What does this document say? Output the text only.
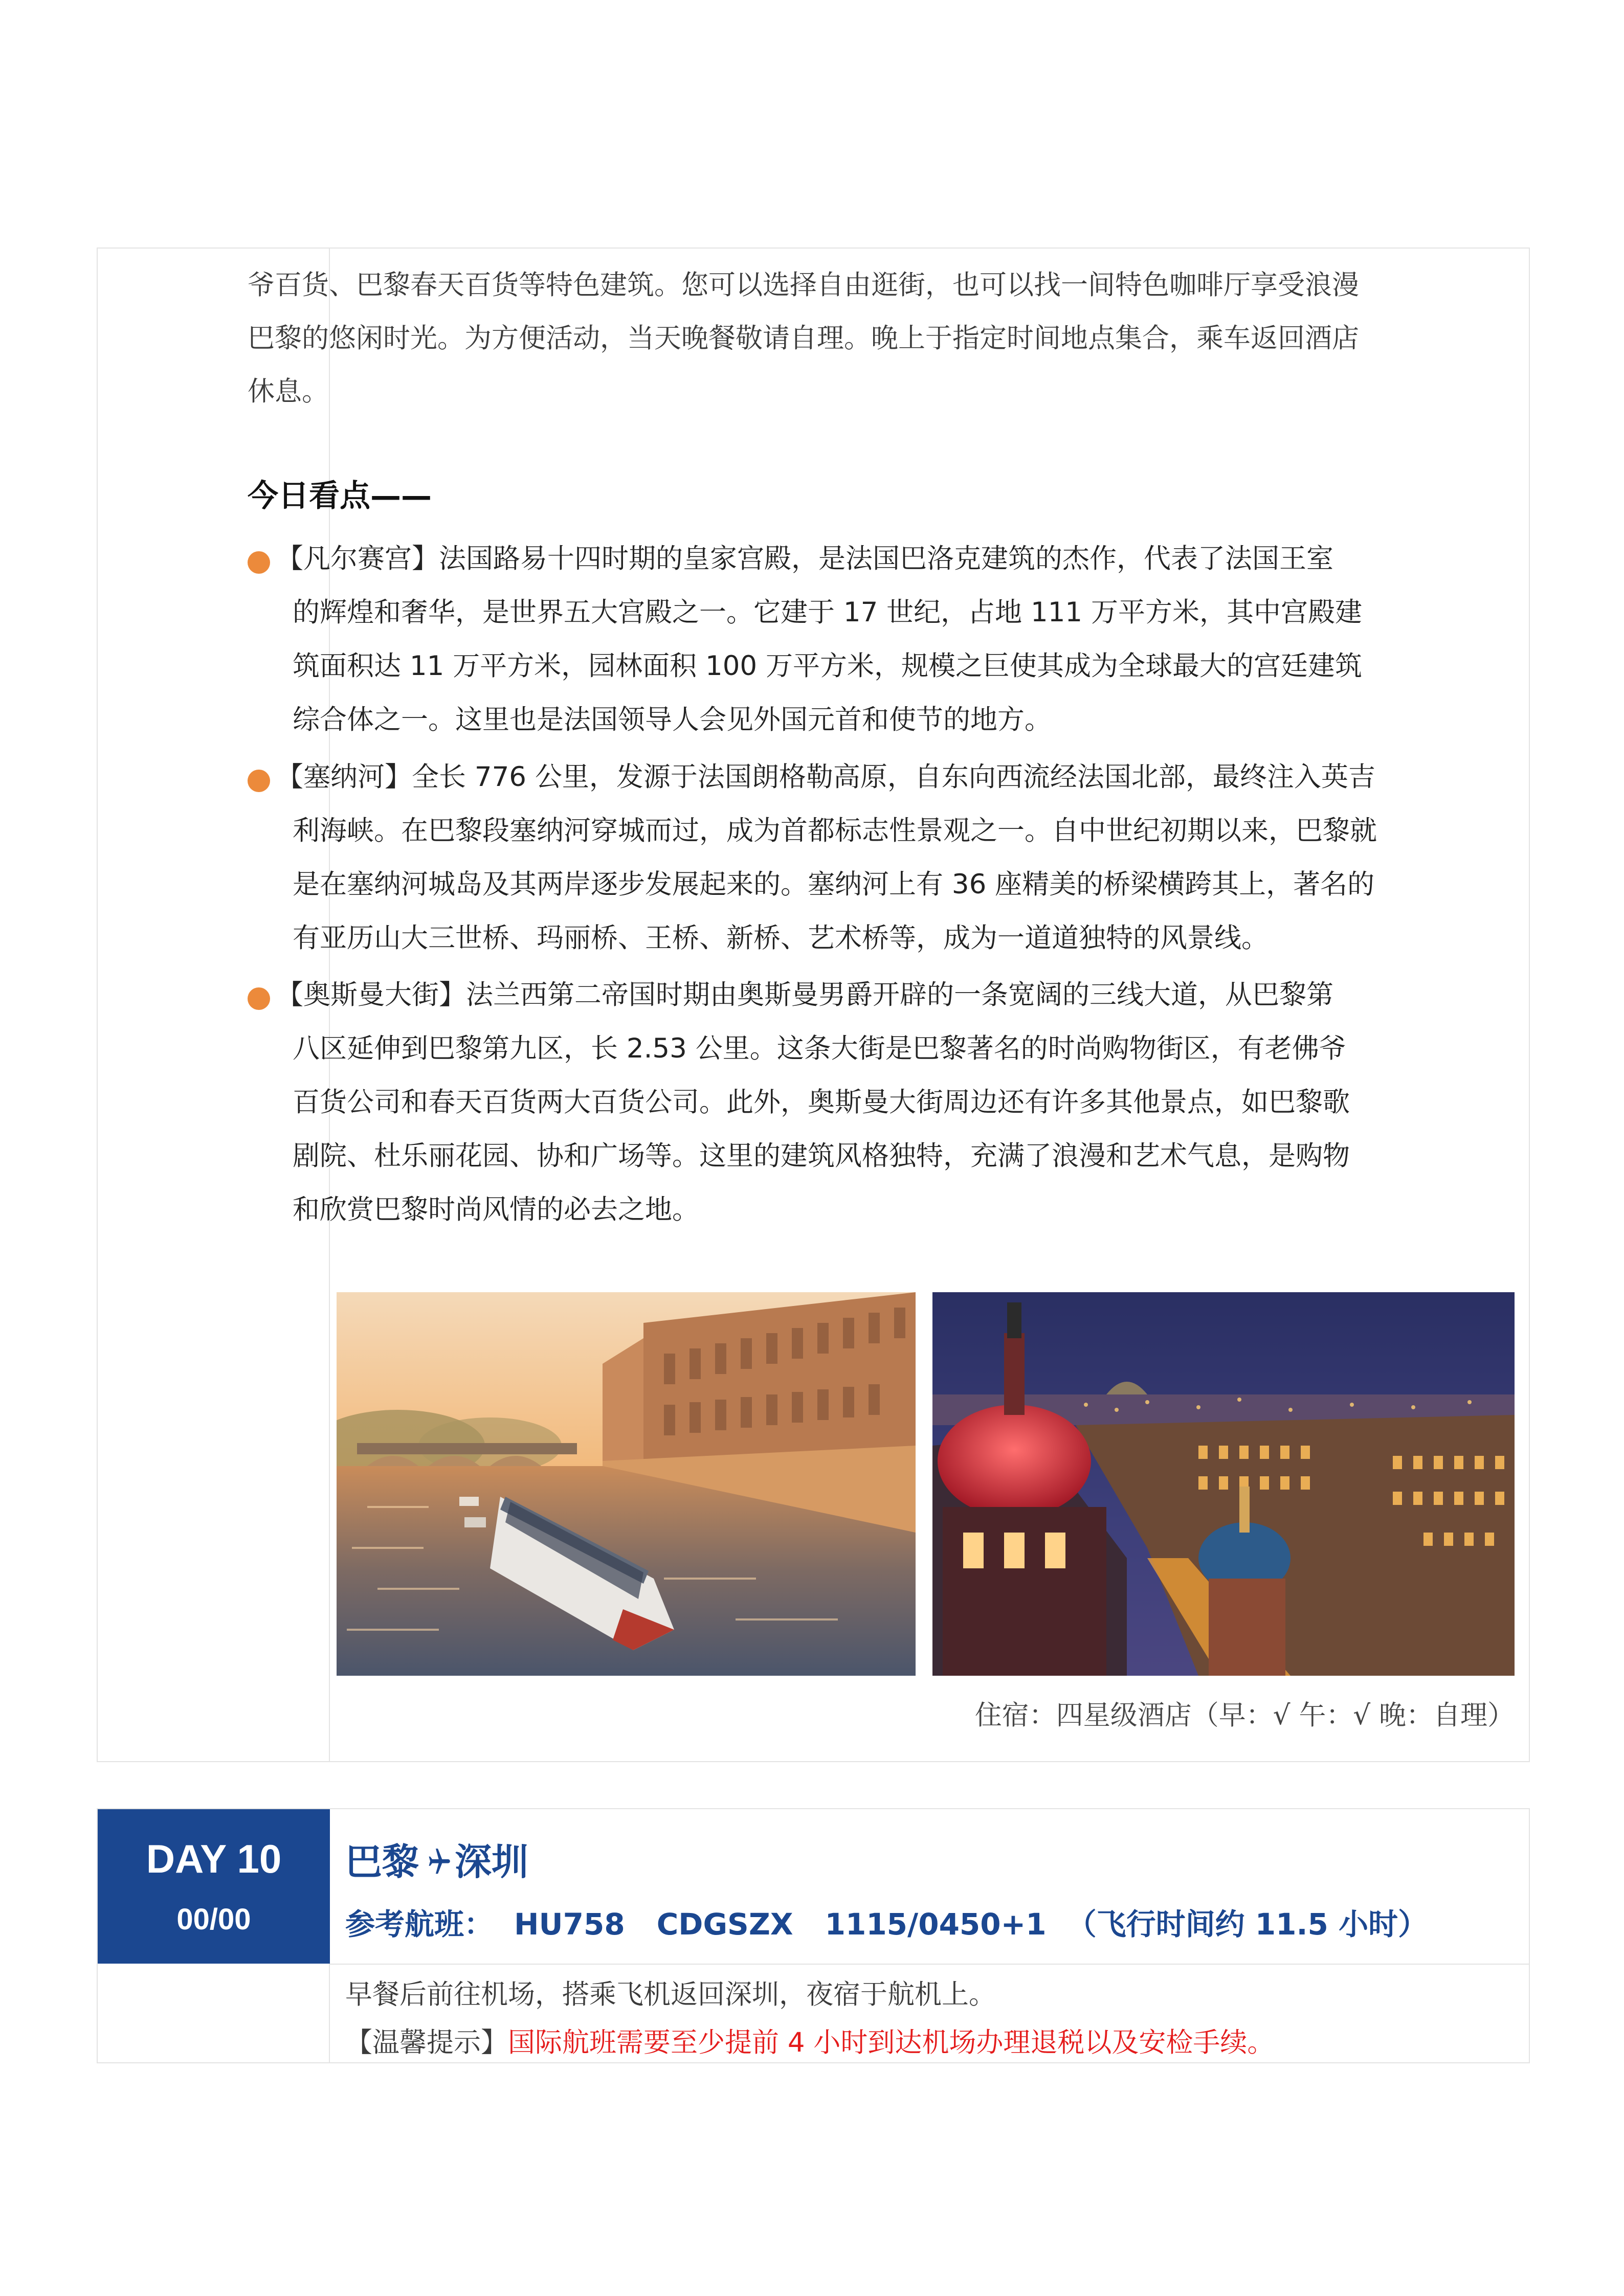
爷百货、巴黎春天百货等特色建筑。您可以选择自由逛街，也可以找一间特色咖啡厅享受浪漫
巴黎的悠闲时光。为方便活动，当天晚餐敬请自理。晚上于指定时间地点集合，乘车返回酒店
休息。
今日看点——
【凡尔赛宫】法国路易十四时期的皇家宫殿，是法国巴洛克建筑的杰作，代表了法国王室
的辉煌和奢华，是世界五大宫殿之一。它建于 17 世纪，占地 111 万平方米，其中宫殿建
筑面积达 11 万平方米，园林面积 100 万平方米，规模之巨使其成为全球最大的宫廷建筑
综合体之一。这里也是法国领导人会见外国元首和使节的地方。
【塞纳河】全长 776 公里，发源于法国朗格勒高原，自东向西流经法国北部，最终注入英吉
利海峡。在巴黎段塞纳河穿城而过，成为首都标志性景观之一。自中世纪初期以来，巴黎就
是在塞纳河城岛及其两岸逐步发展起来的。塞纳河上有 36 座精美的桥梁横跨其上，著名的
有亚历山大三世桥、玛丽桥、王桥、新桥、艺术桥等，成为一道道独特的风景线。
【奥斯曼大街】法兰西第二帝国时期由奥斯曼男爵开辟的一条宽阔的三线大道，从巴黎第
八区延伸到巴黎第九区，长 2.53 公里。这条大街是巴黎著名的时尚购物街区，有老佛爷
百货公司和春天百货两大百货公司。此外，奥斯曼大街周边还有许多其他景点，如巴黎歌
剧院、杜乐丽花园、协和广场等。这里的建筑风格独特，充满了浪漫和艺术气息，是购物
和欣赏巴黎时尚风情的必去之地。
住宿：四星级酒店（早：√ 午：√ 晚：自理）
DAY 10
00/00
巴黎 深圳
参考航班： HU758 CDGSZX 1115/0450+1 （飞行时间约 11.5 小时）
早餐后前往机场，搭乘飞机返回深圳，夜宿于航机上。
【温馨提示】国际航班需要至少提前 4 小时到达机场办理退税以及安检手续。
